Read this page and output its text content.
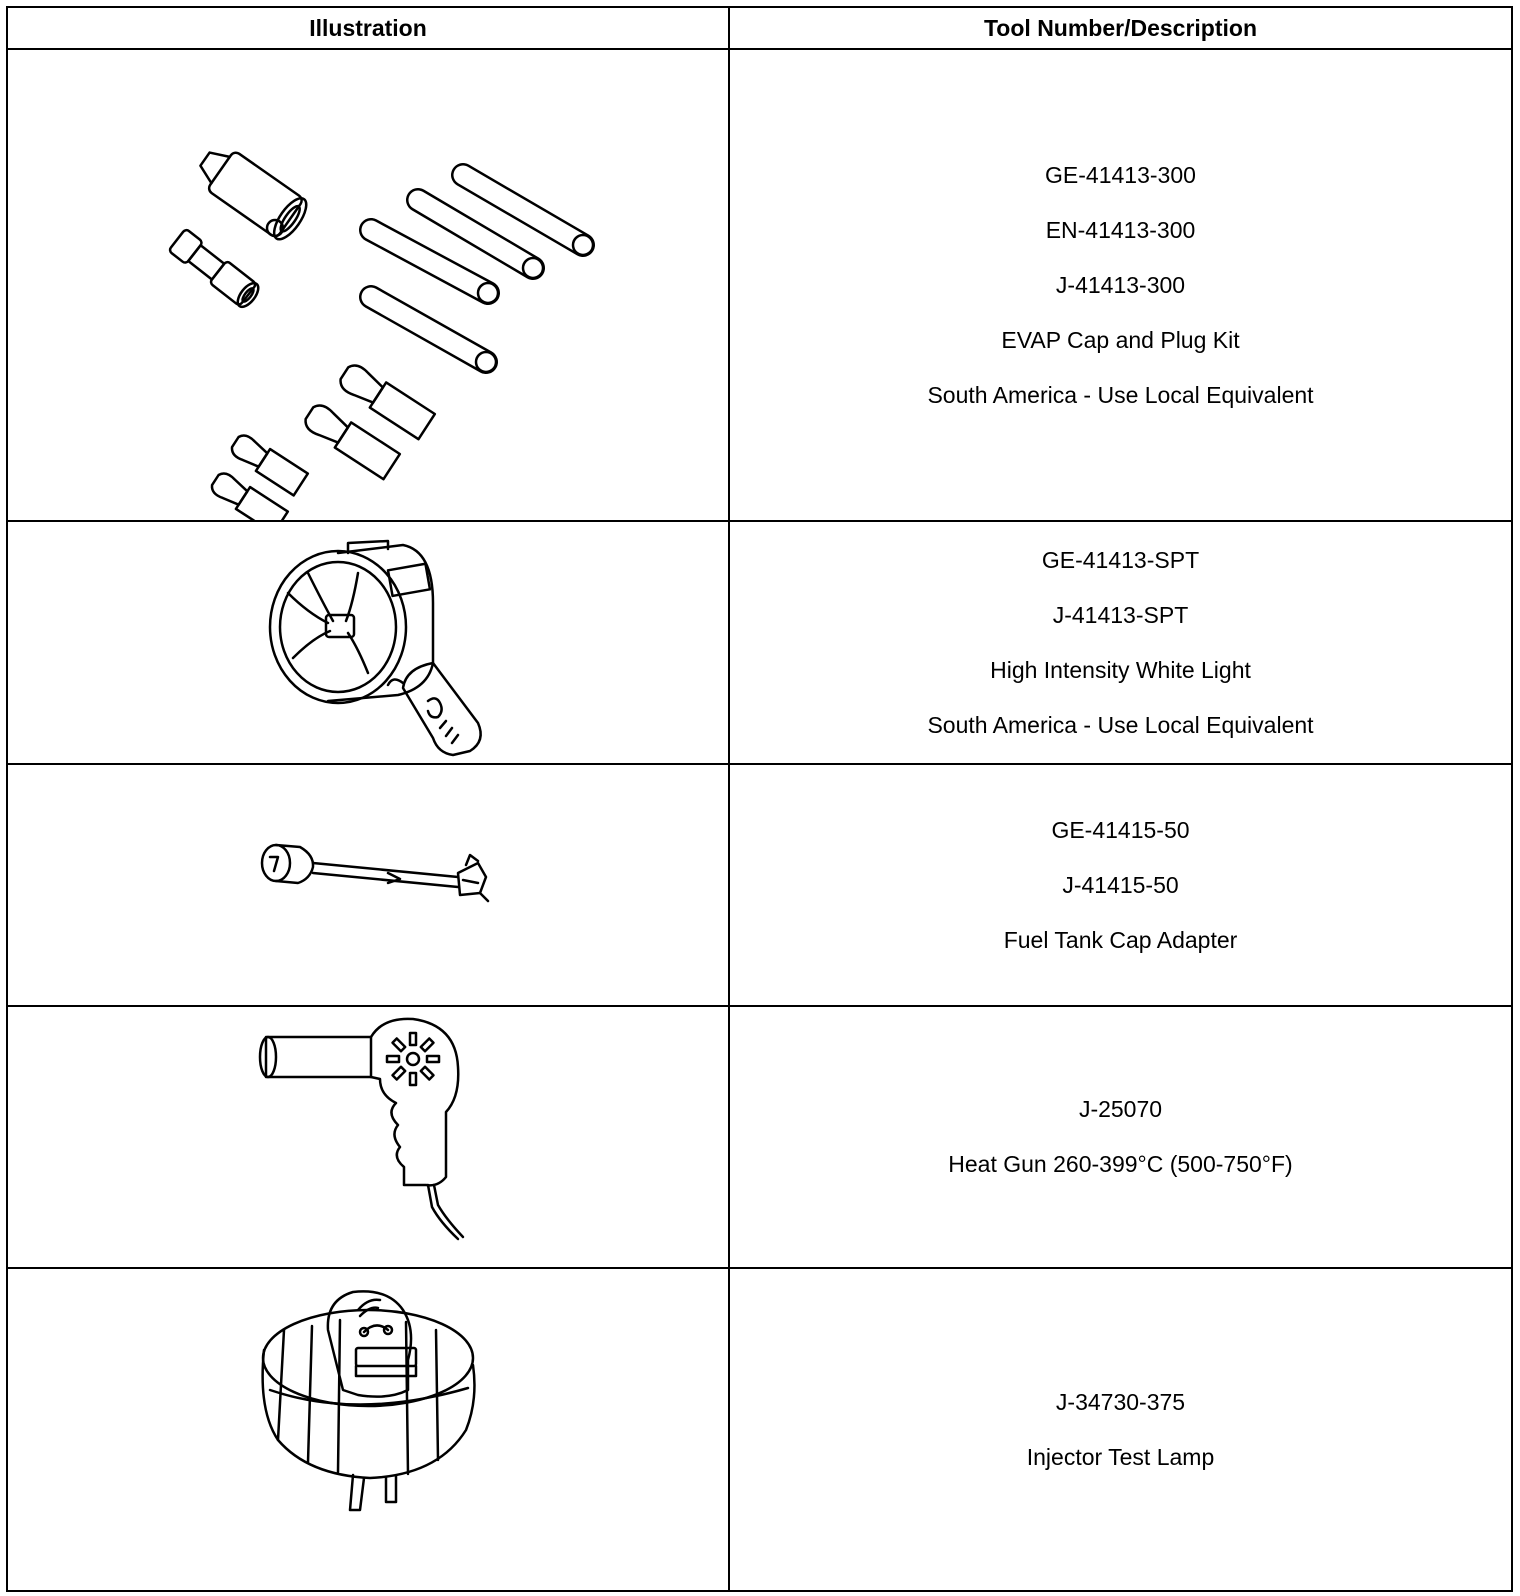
Illustration	Tool Number/Description

GE-41413-300
EN-41413-300
J-41413-300
EVAP Cap and Plug Kit
South America - Use Local Equivalent

GE-41413-SPT
J-41413-SPT
High Intensity White Light
South America - Use Local Equivalent

GE-41415-50
J-41415-50
Fuel Tank Cap Adapter

J-25070
Heat Gun 260-399°C (500-750°F)

J-34730-375
Injector Test Lamp
